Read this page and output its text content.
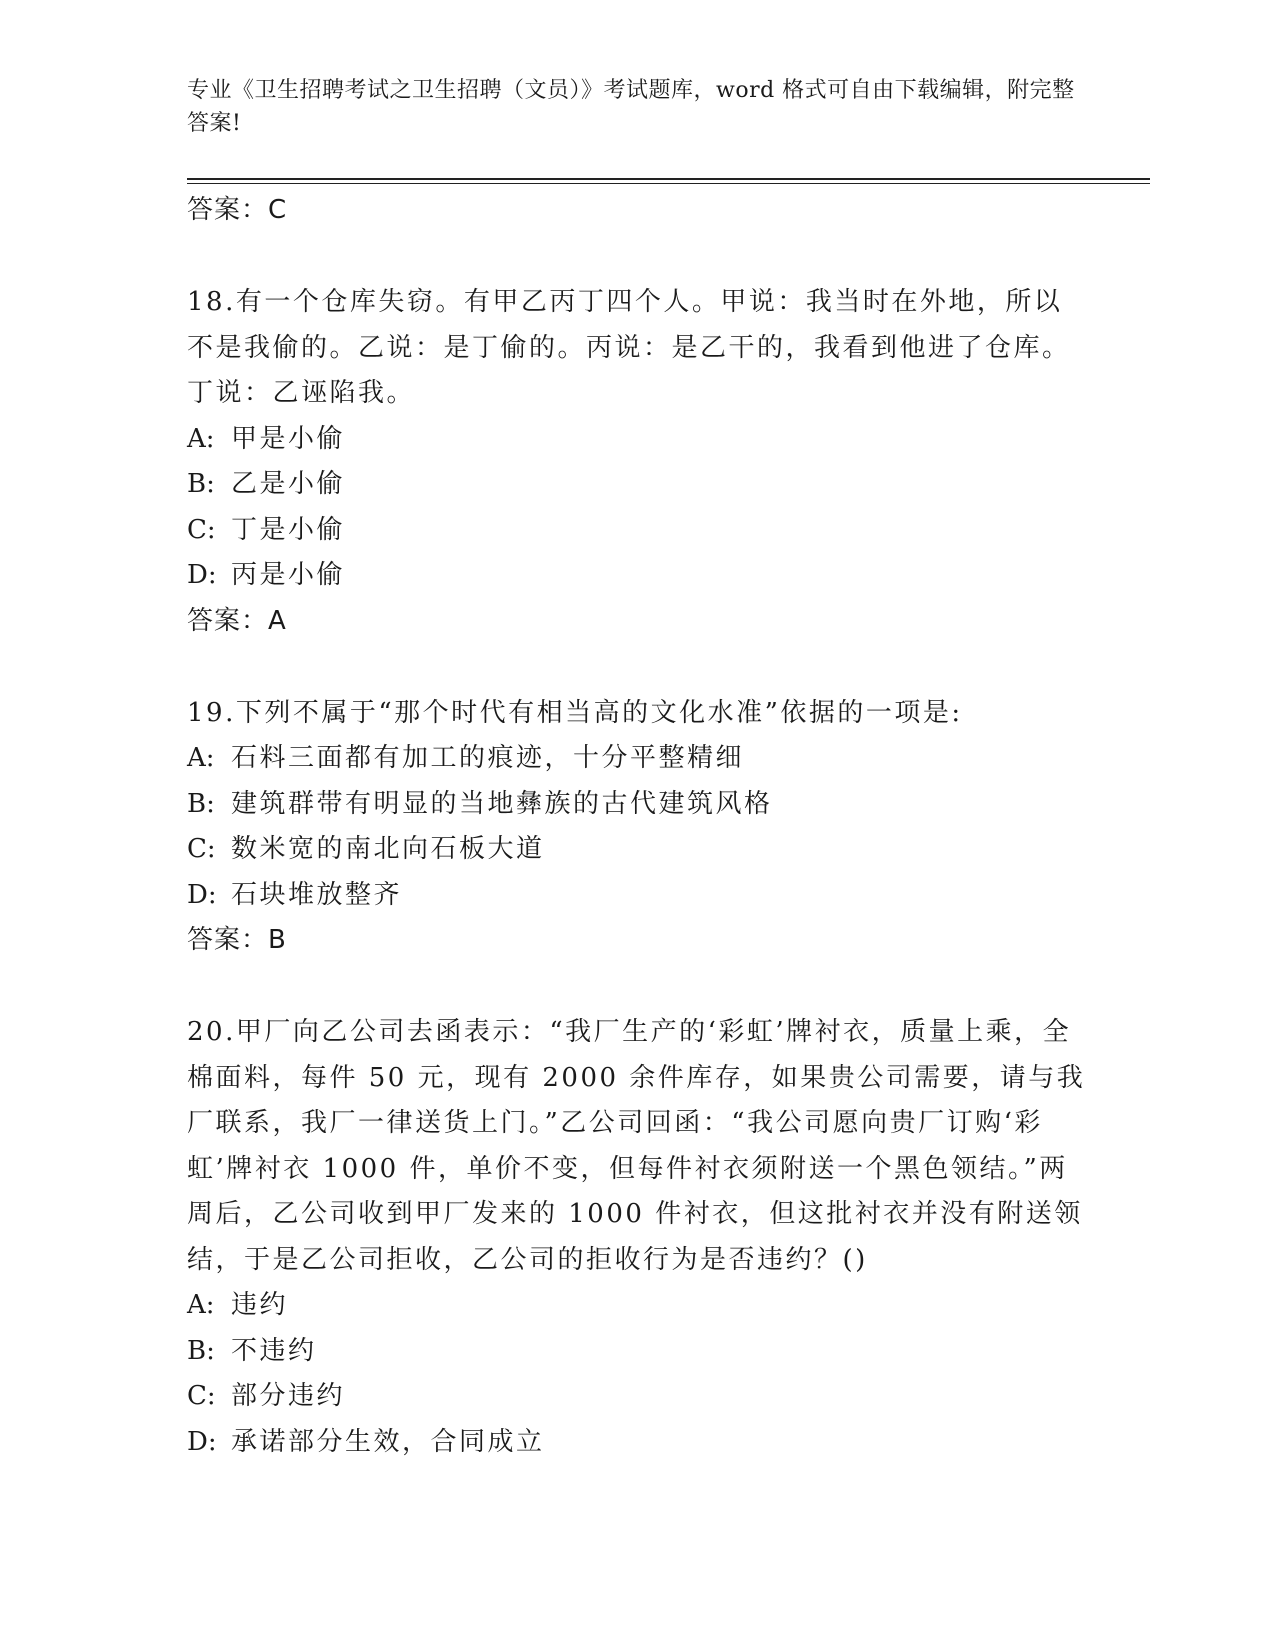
专业《卫生招聘考试之卫生招聘（文员）》考试题库，word 格式可自由下载编辑，附完整答案!
答案：C
18.有一个仓库失窃。有甲乙丙丁四个人。甲说：我当时在外地，所以不是我偷的。乙说：是丁偷的。丙说：是乙干的，我看到他进了仓库。丁说：乙诬陷我。
A: 甲是小偷
B: 乙是小偷
C: 丁是小偷
D: 丙是小偷
答案：A
19.下列不属于“那个时代有相当高的文化水准”依据的一项是:
A: 石料三面都有加工的痕迹，十分平整精细
B: 建筑群带有明显的当地彝族的古代建筑风格
C: 数米宽的南北向石板大道
D: 石块堆放整齐
答案：B
20.甲厂向乙公司去函表示：“我厂生产的‘彩虹’牌衬衣，质量上乘，全棉面料，每件 50 元，现有 2000 余件库存，如果贵公司需要，请与我厂联系，我厂一律送货上门。”乙公司回函：“我公司愿向贵厂订购‘彩虹’牌衬衣 1000 件，单价不变，但每件衬衣须附送一个黑色领结。”两周后，乙公司收到甲厂发来的 1000 件衬衣，但这批衬衣并没有附送领结，于是乙公司拒收，乙公司的拒收行为是否违约？()
A: 违约
B: 不违约
C: 部分违约
D: 承诺部分生效，合同成立
